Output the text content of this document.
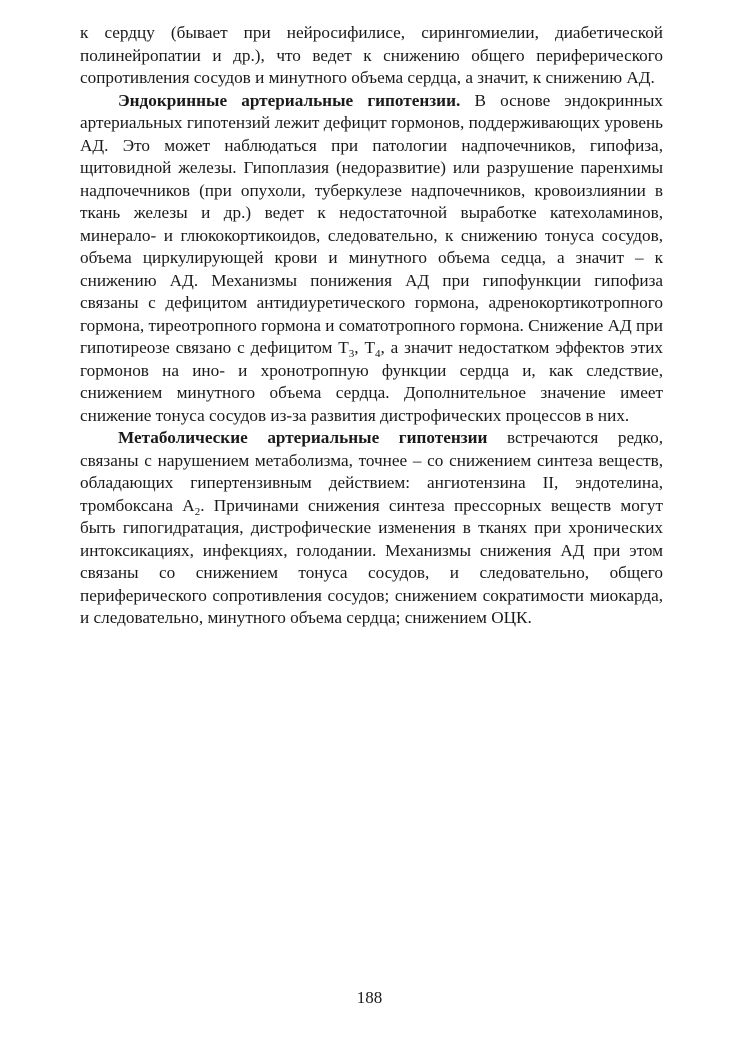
к сердцу (бывает при нейросифилисе, сирингомиелии, диабетической полинейропатии и др.), что ведет к снижению общего периферического сопротивления сосудов и минутного объема сердца, а значит, к снижению АД.

Эндокринные артериальные гипотензии. В основе эндокринных артериальных гипотензий лежит дефицит гормонов, поддерживающих уровень АД. Это может наблюдаться при патологии надпочечников, гипофиза, щитовидной железы. Гипоплазия (недоразвитие) или разрушение паренхимы надпочечников (при опухоли, туберкулезе надпочечников, кровоизлиянии в ткань железы и др.) ведет к недостаточной выработке катехоламинов, минерало- и глюкокортикоидов, следовательно, к снижению тонуса сосудов, объема циркулирующей крови и минутного объема седца, а значит – к снижению АД. Механизмы понижения АД при гипофункции гипофиза связаны с дефицитом антидиуретического гормона, адренокортикотропного гормона, тиреотропного гормона и соматотропного гормона. Снижение АД при гипотиреозе связано с дефицитом $Т_3$, $Т_4$, а значит недостатком эффектов этих гормонов на ино- и хронотропную функции сердца и, как следствие, снижением минутного объема сердца. Дополнительное значение имеет снижение тонуса сосудов из-за развития дистрофических процессов в них.

Метаболические артериальные гипотензии встречаются редко, связаны с нарушением метаболизма, точнее – со снижением синтеза веществ, обладающих гипертензивным действием: ангиотензина II, эндотелина, тромбоксана $А_2$. Причинами снижения синтеза прессорных веществ могут быть гипогидратация, дистрофические изменения в тканях при хронических интоксикациях, инфекциях, голодании. Механизмы снижения АД при этом связаны со снижением тонуса сосудов, и следовательно, общего периферического сопротивления сосудов; снижением сократимости миокарда, и следовательно, минутного объема сердца; снижением ОЦК.

188
